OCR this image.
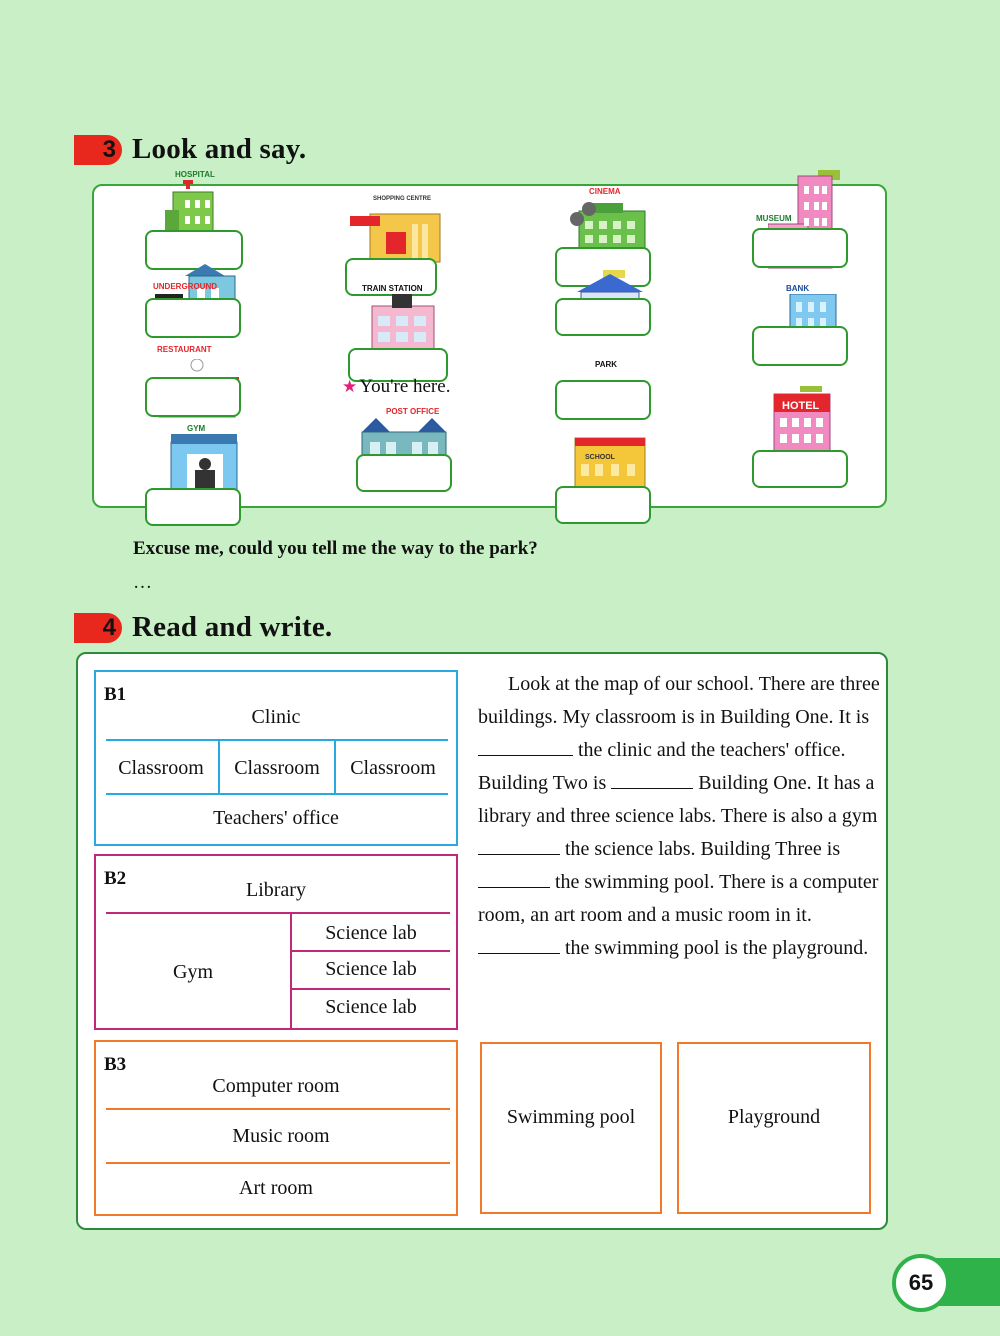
3 Look and say.
HOSPITAL
SHOPPING CENTRE
CINEMA
MUSEUM
UNDERGROUND	TRAIN STATION	BANK
RESTAURANT
PARK
HOTEL
GYM
POST OFFICE
SCHOOL
★ You're here.
Excuse me, could you tell me the way to the park?
…
4 Read and write.
B1
Clinic
Classroom	Classroom	Classroom
Teachers' office
B2	Library
Gym
Science lab
Science lab
Science lab
B3
Computer room
Music room
Art room

Look at the map of our school. There are three buildings. My classroom is in Building One. It is  the clinic and the teachers' office. Building Two is	Building One. It has a library and three science labs. There is also a gym  the science labs. Building Three is  the swimming pool. There is a computer room, an art room and a music room in it.  the swimming pool is the playground.

Swimming pool	Playground
65
